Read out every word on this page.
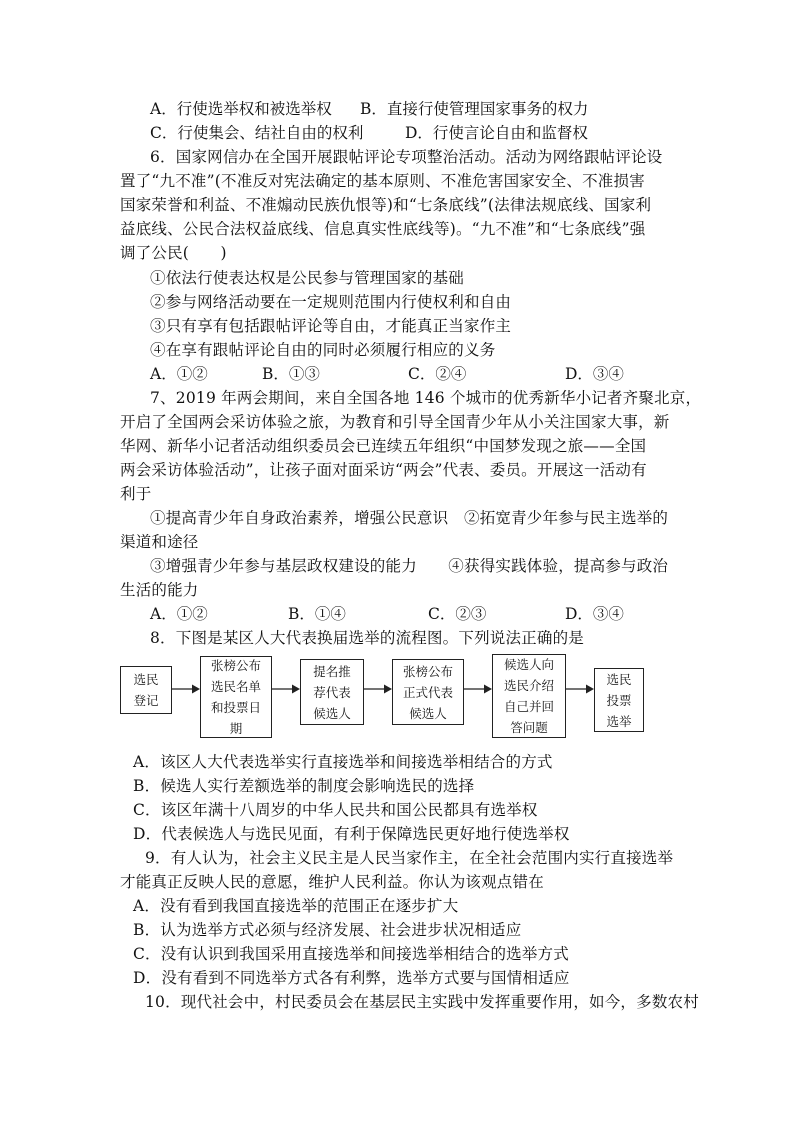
A．行使选举权和被选举权 B．直接行使管理国家事务的权力
C．行使集会、结社自由的权利	D．行使言论自由和监督权
6．国家网信办在全国开展跟帖评论专项整治活动。活动为网络跟帖评论设
置了“九不准”(不准反对宪法确定的基本原则、不准危害国家安全、不准损害
国家荣誉和利益、不准煽动民族仇恨等)和“七条底线”(法律法规底线、国家利
益底线、公民合法权益底线、信息真实性底线等)。“九不准”和“七条底线”强
调了公民(　　)
①依法行使表达权是公民参与管理国家的基础
②参与网络活动要在一定规则范围内行使权利和自由
③只有享有包括跟帖评论等自由，才能真正当家作主
④在享有跟帖评论自由的同时必须履行相应的义务
A．①②	B．①③	C．②④	D．③④
7、2019 年两会期间，来自全国各地 146 个城市的优秀新华小记者齐聚北京，
开启了全国两会采访体验之旅，为教育和引导全国青少年从小关注国家大事，新
华网、新华小记者活动组织委员会已连续五年组织“中国梦发现之旅——全国
两会采访体验活动”，让孩子面对面采访“两会”代表、委员。开展这一活动有
利于
①提高青少年自身政治素养，增强公民意识　②拓宽青少年参与民主选举的
渠道和途径
③增强青少年参与基层政权建设的能力　　④获得实践体验，提高参与政治
生活的能力
A．①②	B．①④	C．②③	D．③④
8．下图是某区人大代表换届选举的流程图。下列说法正确的是
选民
登记
张榜公布
选民名单
和投票日
期
提名推
荐代表
候选人
张榜公布
正式代表
候选人
候选人向
选民介绍
自己并回
答问题
选民
投票
选举
A．该区人大代表选举实行直接选举和间接选举相结合的方式
B．候选人实行差额选举的制度会影响选民的选择
C．该区年满十八周岁的中华人民共和国公民都具有选举权
D．代表候选人与选民见面，有利于保障选民更好地行使选举权
9．有人认为，社会主义民主是人民当家作主，在全社会范围内实行直接选举
才能真正反映人民的意愿，维护人民利益。你认为该观点错在
A．没有看到我国直接选举的范围正在逐步扩大
B．认为选举方式必须与经济发展、社会进步状况相适应
C．没有认识到我国采用直接选举和间接选举相结合的选举方式
D．没有看到不同选举方式各有利弊，选举方式要与国情相适应
10．现代社会中，村民委员会在基层民主实践中发挥重要作用，如今，多数农村
